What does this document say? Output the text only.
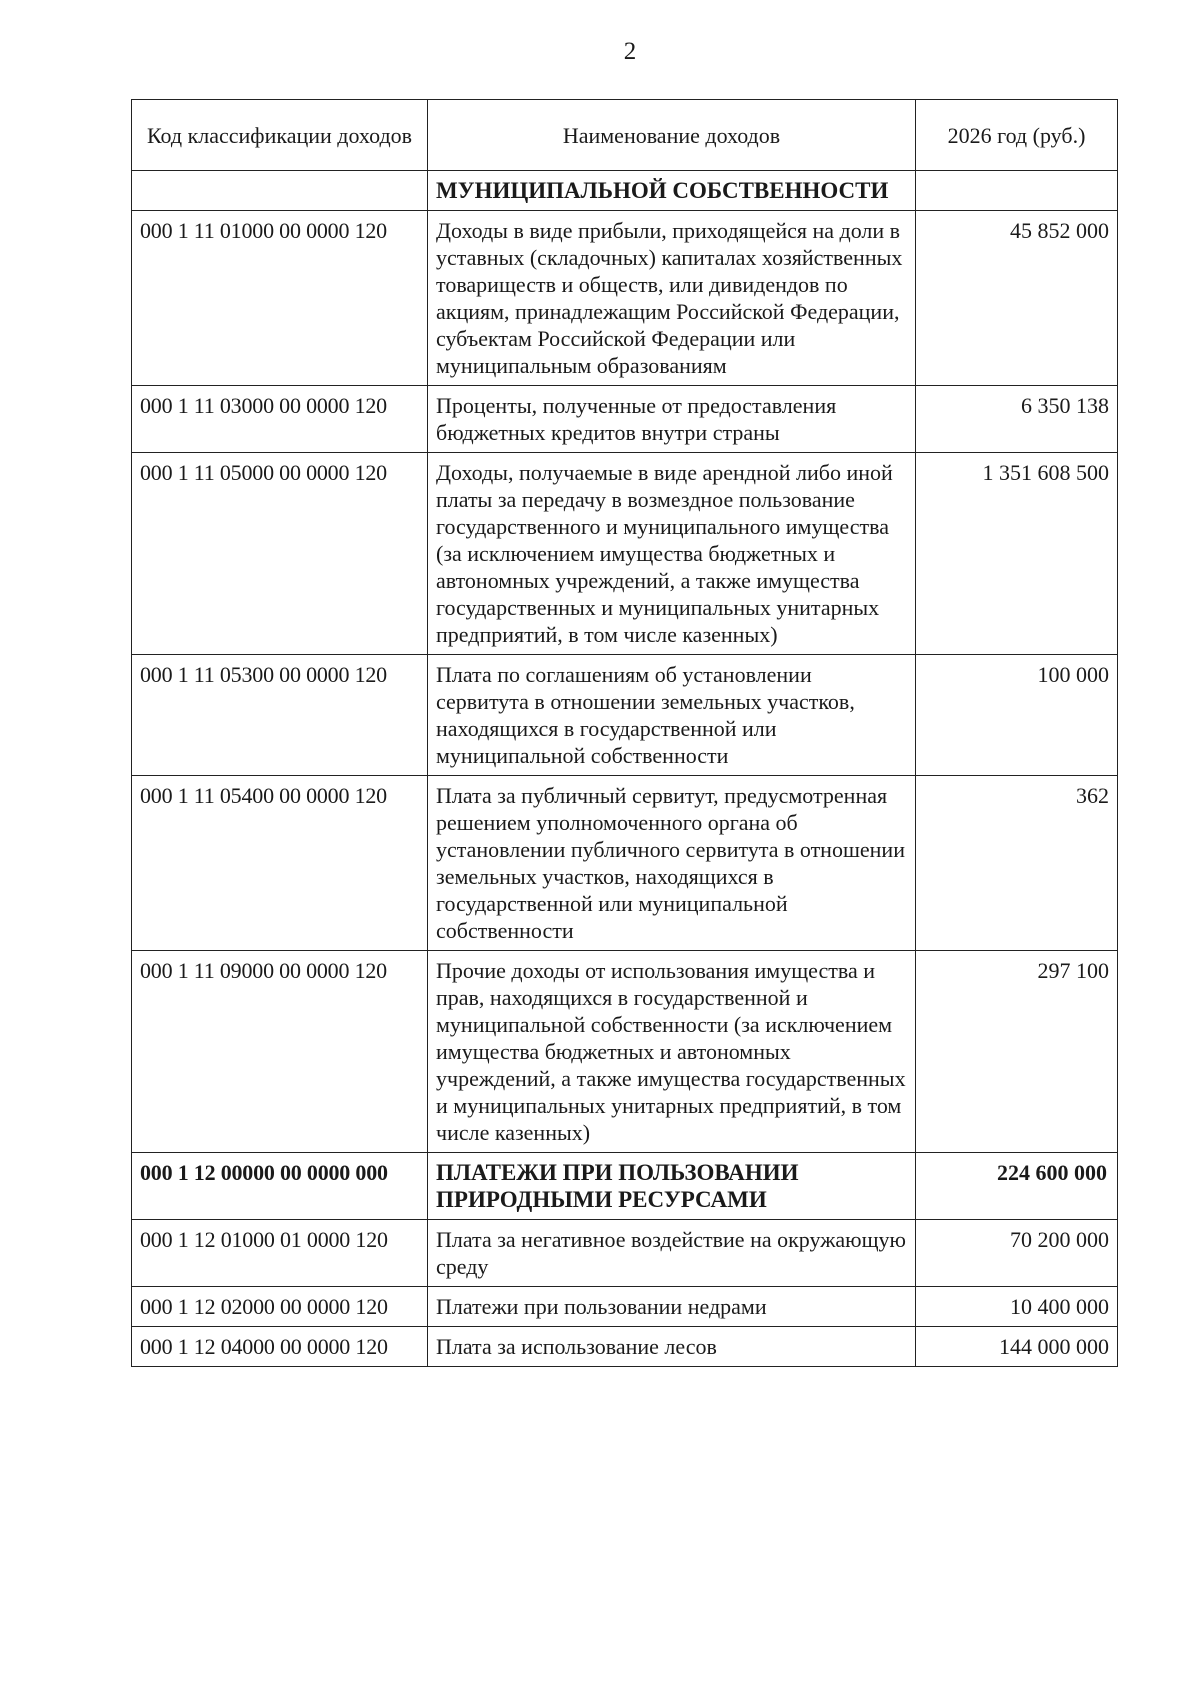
2
Код классификации доходов	Наименование доходов	2026 год (руб.)
	МУНИЦИПАЛЬНОЙ СОБСТВЕННОСТИ	
000 1 11 01000 00 0000 120	Доходы в виде прибыли, приходящейся на доли в уставных (складочных) капиталах хозяйственных товариществ и обществ, или дивидендов по акциям, принадлежащим Российской Федерации, субъектам Российской Федерации или муниципальным образованиям	45 852 000
000 1 11 03000 00 0000 120	Проценты, полученные от предоставления бюджетных кредитов внутри страны	6 350 138
000 1 11 05000 00 0000 120	Доходы, получаемые в виде арендной либо иной платы за передачу в возмездное пользование государственного и муниципального имущества (за исключением имущества бюджетных и автономных учреждений, а также имущества государственных и муниципальных унитарных предприятий, в том числе казенных)	1 351 608 500
000 1 11 05300 00 0000 120	Плата по соглашениям об установлении сервитута в отношении земельных участков, находящихся в государственной или муниципальной собственности	100 000
000 1 11 05400 00 0000 120	Плата за публичный сервитут, предусмотренная решением уполномоченного органа об установлении публичного сервитута в отношении земельных участков, находящихся в государственной или муниципальной собственности	362
000 1 11 09000 00 0000 120	Прочие доходы от использования имущества и прав, находящихся в государственной и муниципальной собственности (за исключением имущества бюджетных и автономных учреждений, а также имущества государственных и муниципальных унитарных предприятий, в том числе казенных)	297 100
000 1 12 00000 00 0000 000	ПЛАТЕЖИ ПРИ ПОЛЬЗОВАНИИ ПРИРОДНЫМИ РЕСУРСАМИ	224 600 000
000 1 12 01000 01 0000 120	Плата за негативное воздействие на окружающую среду	70 200 000
000 1 12 02000 00 0000 120	Платежи при пользовании недрами	10 400 000
000 1 12 04000 00 0000 120	Плата за использование лесов	144 000 000
